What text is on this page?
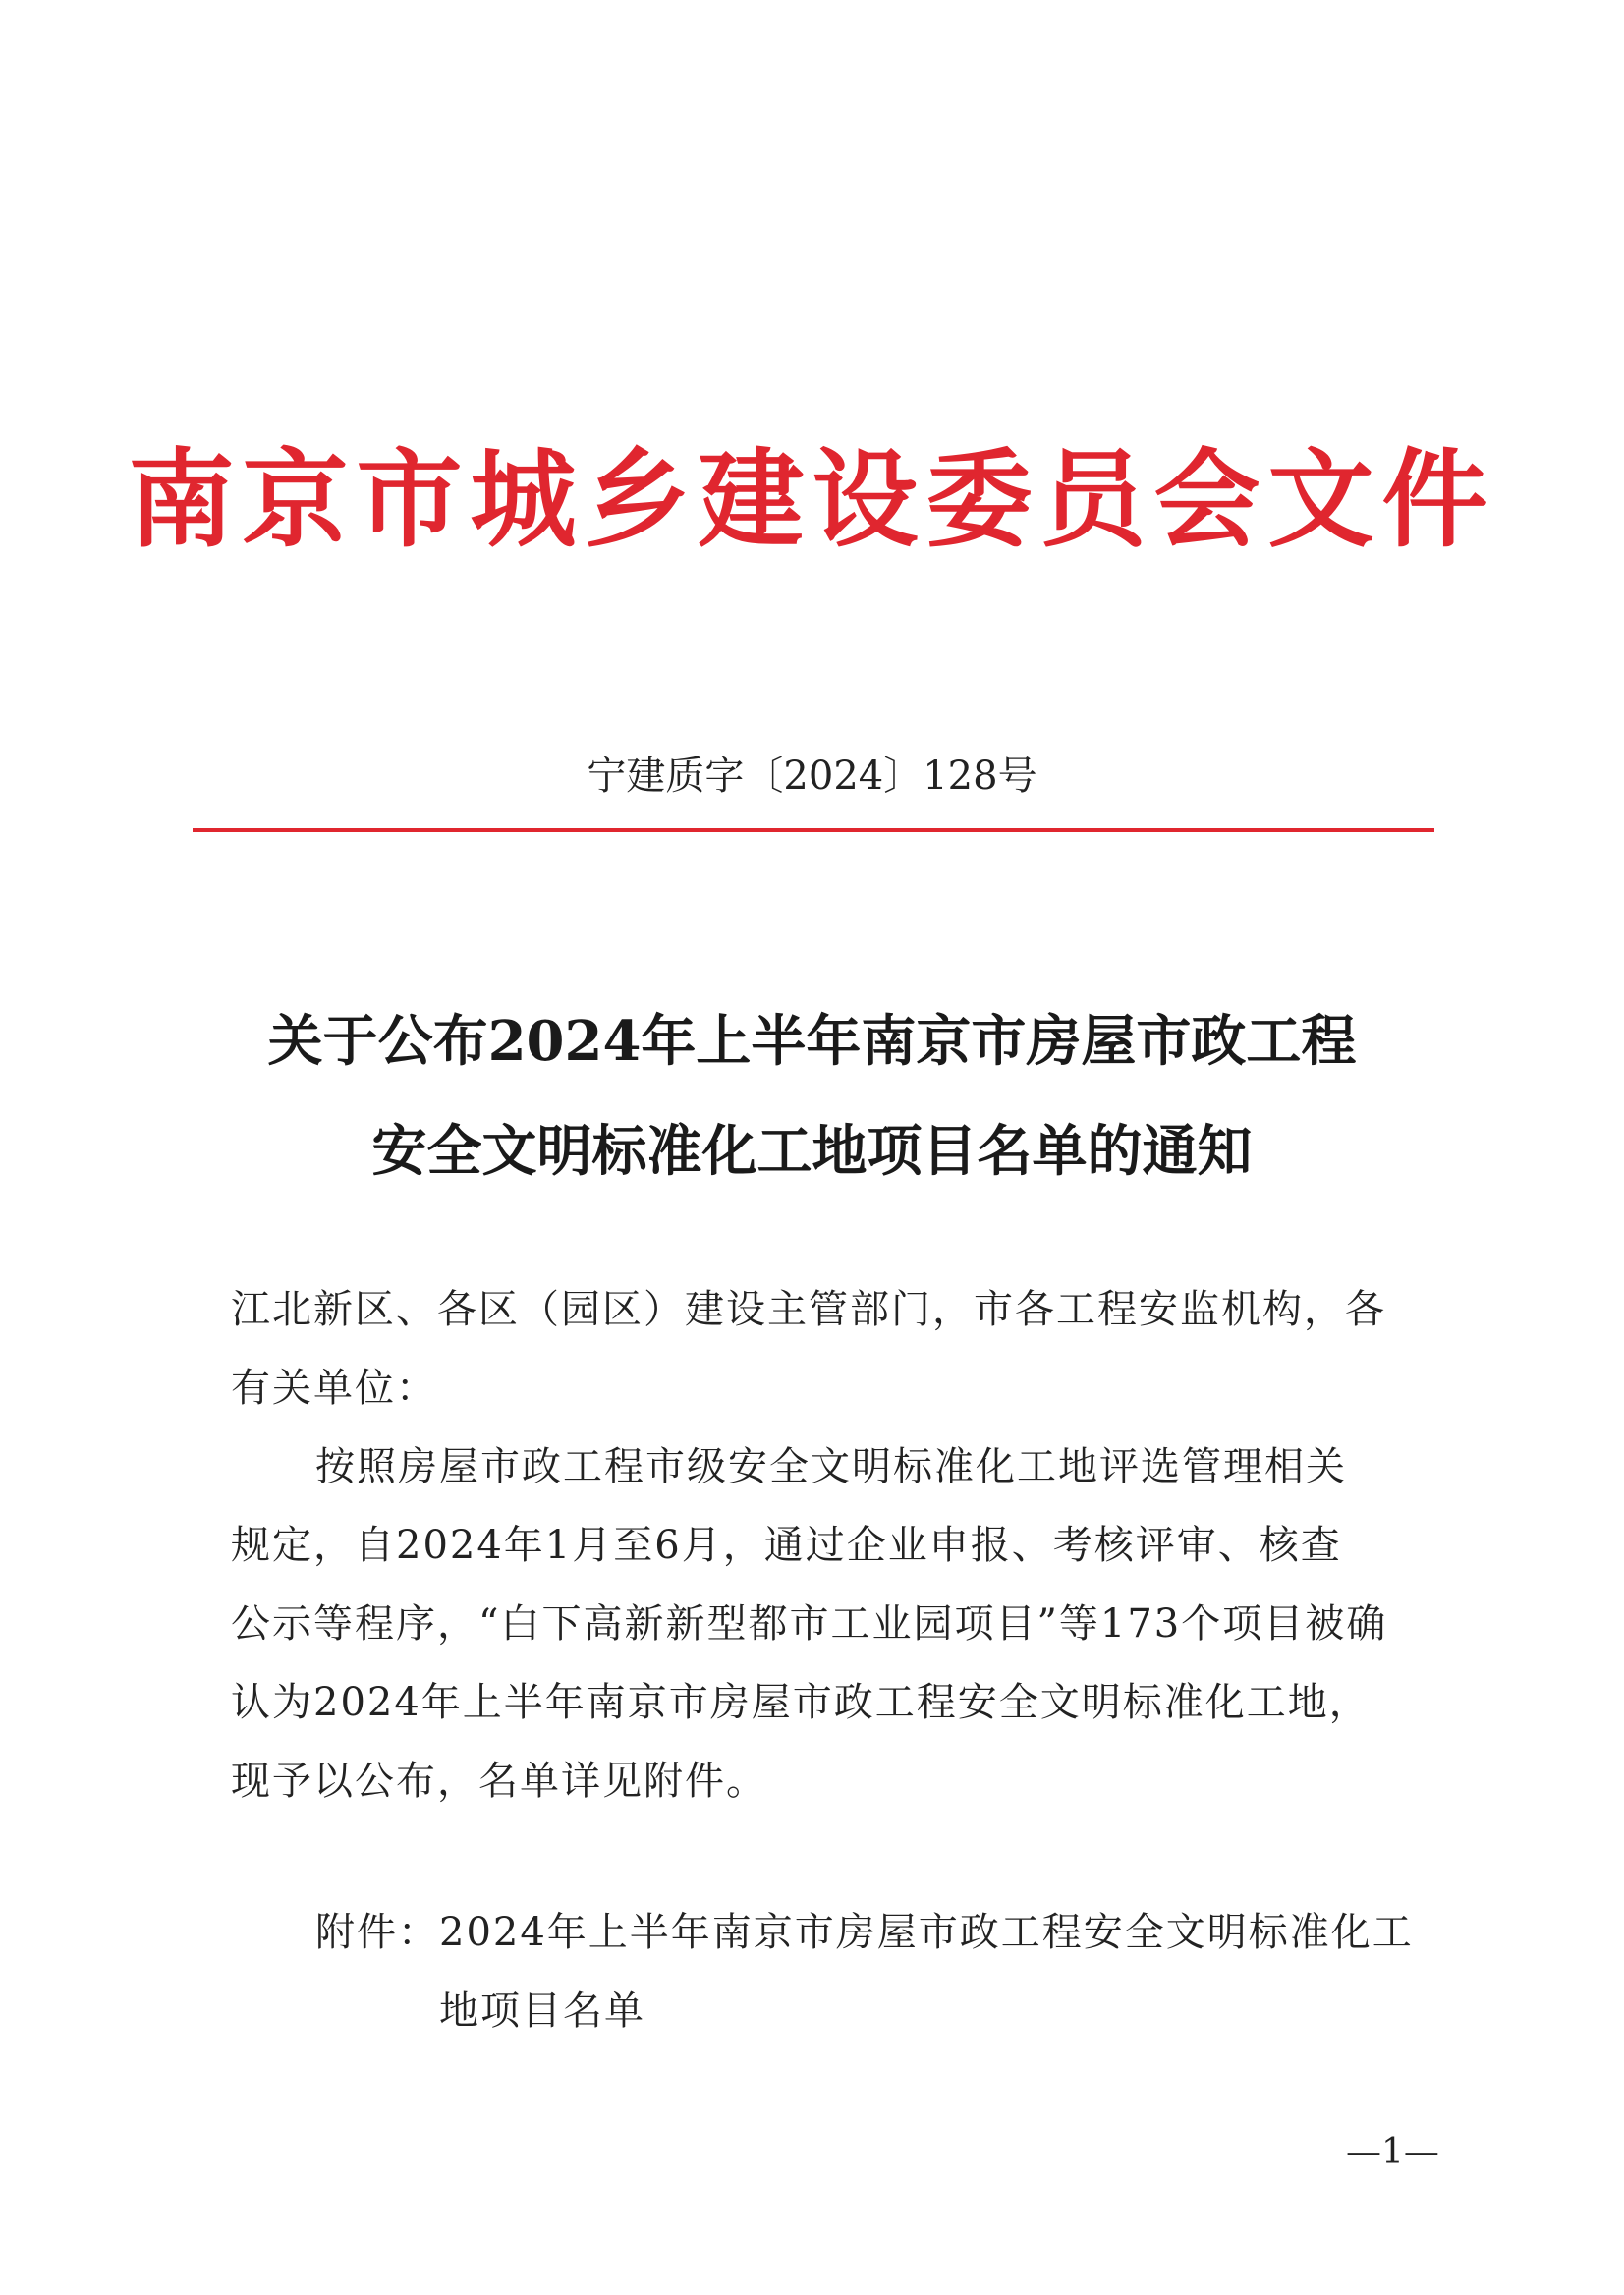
南京市城乡建设委员会文件
宁建质字〔2024〕128号
关于公布2024年上半年南京市房屋市政工程
安全文明标准化工地项目名单的通知
江北新区、各区（园区）建设主管部门，市各工程安监机构，各
有关单位：
按照房屋市政工程市级安全文明标准化工地评选管理相关
规定，自2024年1月至6月，通过企业申报、考核评审、核查
公示等程序，“白下高新新型都市工业园项目”等173个项目被确
认为2024年上半年南京市房屋市政工程安全文明标准化工地，
现予以公布，名单详见附件。
附件： 2024年上半年南京市房屋市政工程安全文明标准化工
地项目名单
—1—
